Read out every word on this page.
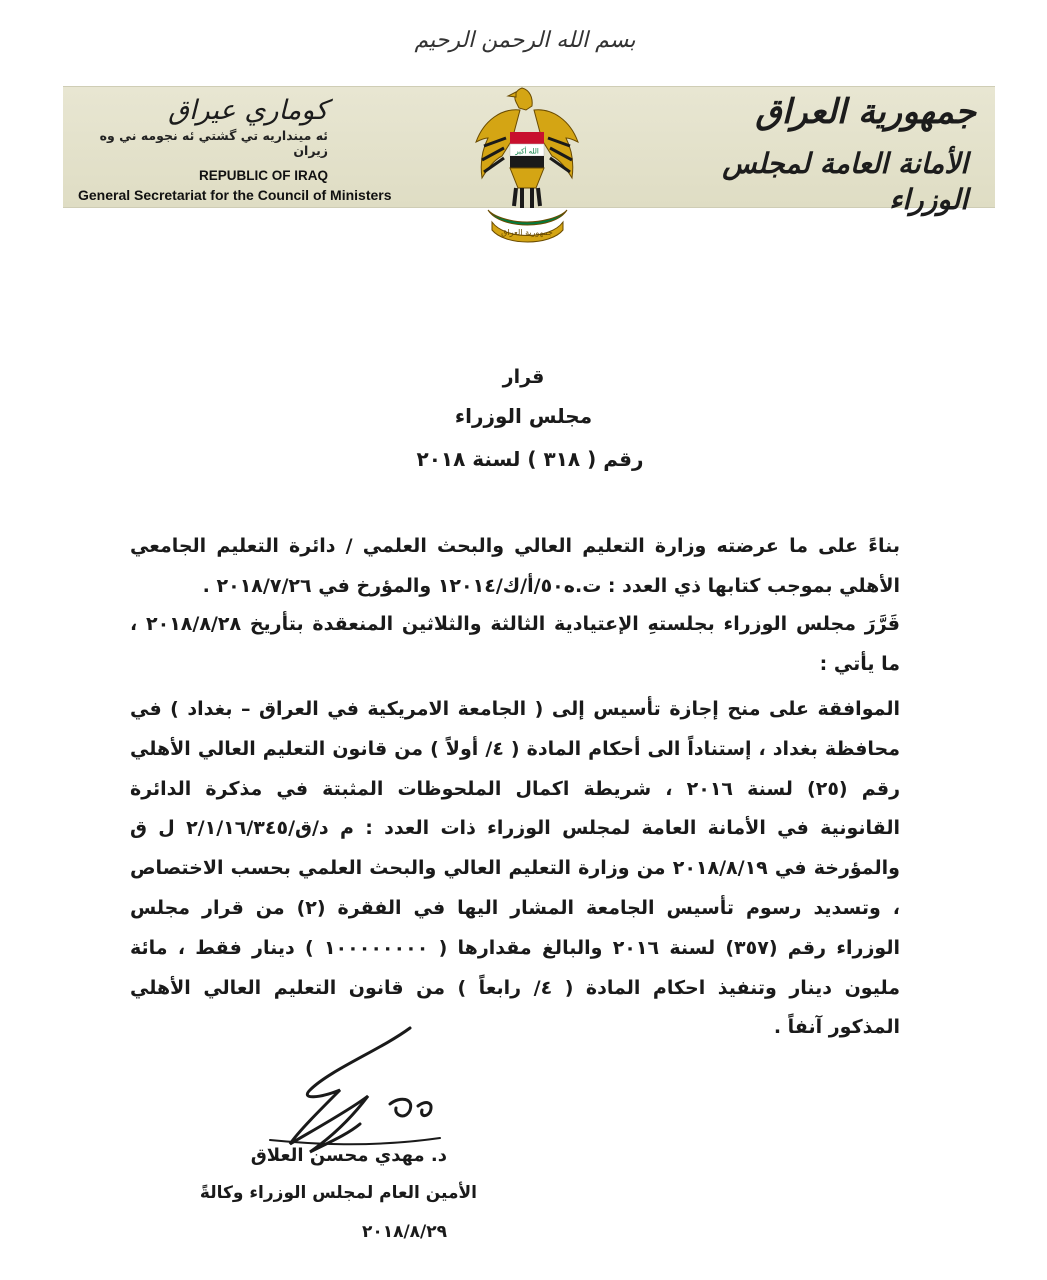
بسم الله الرحمن الرحيم
كوماري عيراق
ئه مينداريه تي گشتي ئه نجومه ني وه زيران
REPUBLIC OF IRAQ
General Secretariat for the Council of Ministers
جمهورية العراق
الأمانة العامة لمجلس الوزراء
الله أكبر
جمهورية العراق
قرار
مجلس الوزراء
رقم ( ٣١٨ ) لسنة ٢٠١٨
بناءً على ما عرضته وزارة التعليم العالي والبحث العلمي / دائرة التعليم الجامعي الأهلي بموجب كتابها ذي العدد : ت.ه٥٠/أ/ك/١٢٠١٤ والمؤرخ في ٢٠١٨/٧/٢٦ .
قَرَّرَ مجلس الوزراء بجلستهِ الإعتيادية الثالثة والثلاثين المنعقدة بتأريخ ٢٠١٨/٨/٢٨ ، ما يأتي :
الموافقة على منح إجازة تأسيس إلى ( الجامعة الامريكية في العراق – بغداد ) في محافظة بغداد ، إستناداً الى أحكام المادة ( ٤/ أولاً ) من قانون التعليم العالي الأهلي رقم (٢٥) لسنة ٢٠١٦ ، شريطة اكمال الملحوظات المثبتة في مذكرة الدائرة القانونية في الأمانة العامة لمجلس الوزراء ذات العدد : م د/ق/٢/١/١٦/٣٤٥ ل ق والمؤرخة في ٢٠١٨/٨/١٩ من وزارة التعليم العالي والبحث العلمي بحسب الاختصاص ، وتسديد رسوم تأسيس الجامعة المشار اليها في الفقرة (٢) من قرار مجلس الوزراء رقم (٣٥٧) لسنة ٢٠١٦ والبالغ مقدارها ( ١٠٠٠٠٠٠٠٠ ) دينار فقط ، مائة مليون دينار وتنفيذ احكام المادة ( ٤/ رابعاً ) من قانون التعليم العالي الأهلي المذكور آنفاً .
د. مهدي محسن العلاق
الأمين العام لمجلس الوزراء وكالةً
٢٠١٨/٨/٢٩
